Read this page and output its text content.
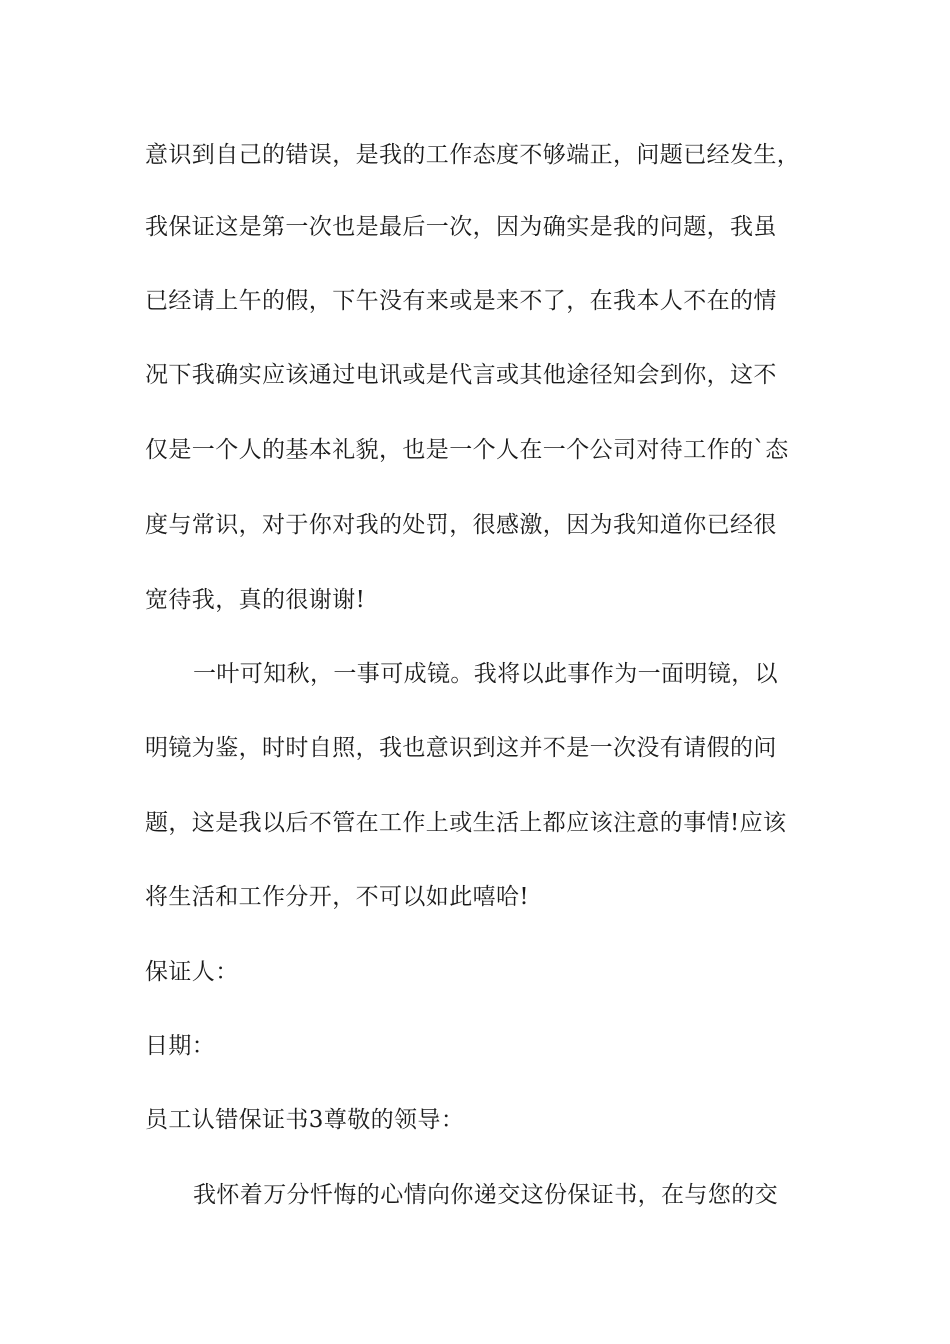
意识到自己的错误，是我的工作态度不够端正，问题已经发生，
我保证这是第一次也是最后一次，因为确实是我的问题，我虽
已经请上午的假，下午没有来或是来不了，在我本人不在的情
况下我确实应该通过电讯或是代言或其他途径知会到你，这不
仅是一个人的基本礼貌，也是一个人在一个公司对待工作的`态
度与常识，对于你对我的处罚，很感激，因为我知道你已经很
宽待我，真的很谢谢!
一叶可知秋，一事可成镜。我将以此事作为一面明镜，以
明镜为鉴，时时自照，我也意识到这并不是一次没有请假的问
题，这是我以后不管在工作上或生活上都应该注意的事情!应该
将生活和工作分开，不可以如此嘻哈!
保证人：
日期：
员工认错保证书3尊敬的领导：
我怀着万分忏悔的心情向你递交这份保证书，在与您的交
